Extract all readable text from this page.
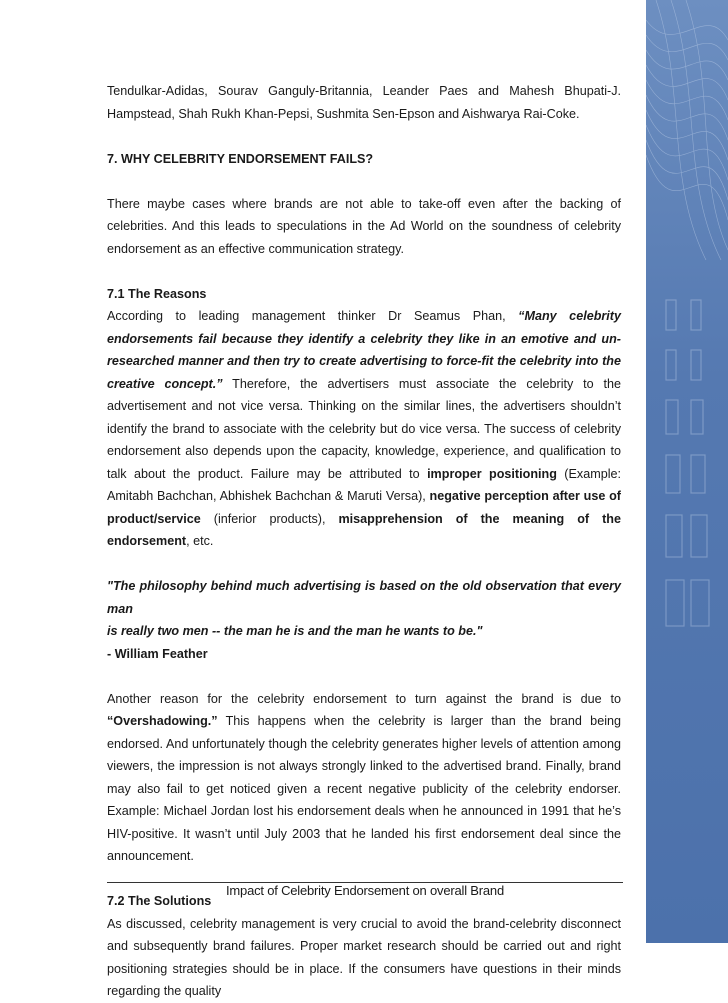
Tendulkar-Adidas, Sourav Ganguly-Britannia, Leander Paes and Mahesh Bhupati-J. Hampstead, Shah Rukh Khan-Pepsi, Sushmita Sen-Epson and Aishwarya Rai-Coke.

7. WHY CELEBRITY ENDORSEMENT FAILS?

There maybe cases where brands are not able to take-off even after the backing of celebrities. And this leads to speculations in the Ad World on the soundness of celebrity endorsement as an effective communication strategy.

7.1 The Reasons

According to leading management thinker Dr Seamus Phan, “Many celebrity endorsements fail because they identify a celebrity they like in an emotive and un-researched manner and then try to create advertising to force-fit the celebrity into the creative concept.” Therefore, the advertisers must associate the celebrity to the advertisement and not vice versa. Thinking on the similar lines, the advertisers shouldn’t identify the brand to associate with the celebrity but do vice versa. The success of celebrity endorsement also depends upon the capacity, knowledge, experience, and qualification to talk about the product. Failure may be attributed to improper positioning (Example: Amitabh Bachchan, Abhishek Bachchan & Maruti Versa), negative perception after use of product/service (inferior products), misapprehension of the meaning of the endorsement, etc.

"The philosophy behind much advertising is based on the old observation that every man

is really two men -- the man he is and the man he wants to be."

- William Feather

Another reason for the celebrity endorsement to turn against the brand is due to “Overshadowing.” This happens when the celebrity is larger than the brand being endorsed. And unfortunately though the celebrity generates higher levels of attention among viewers, the impression is not always strongly linked to the advertised brand. Finally, brand may also fail to get noticed given a recent negative publicity of the celebrity endorser. Example: Michael Jordan lost his endorsement deals when he announced in 1991 that he’s HIV-positive. It wasn’t until July 2003 that he landed his first endorsement deal since the announcement.

7.2 The Solutions

As discussed, celebrity management is very crucial to avoid the brand-celebrity disconnect and subsequently brand failures. Proper market research should be carried out and right positioning strategies should be in place. If the consumers have questions in their minds regarding the quality

Impact of Celebrity Endorsement on overall Brand
